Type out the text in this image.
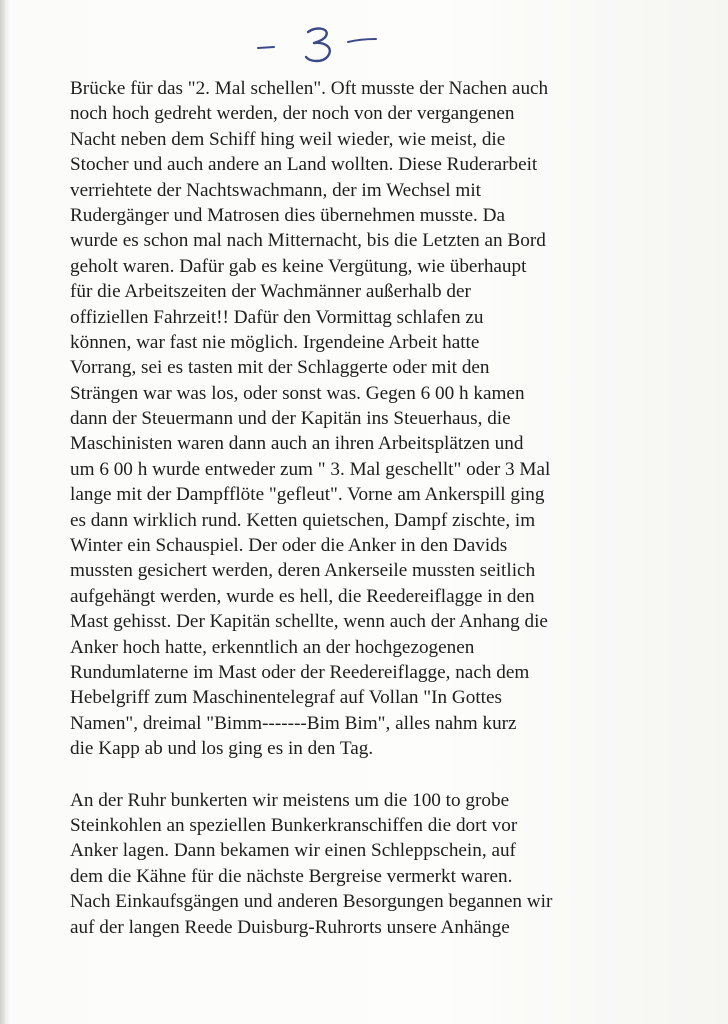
Brücke für das "2. Mal schellen". Oft musste der Nachen auch
noch hoch gedreht werden, der noch von der vergangenen
Nacht neben dem Schiff hing weil wieder, wie meist, die
Stocher und auch andere an Land wollten. Diese Ruderarbeit
verriehtete der Nachtswachmann, der im Wechsel mit
Rudergänger und Matrosen dies übernehmen musste. Da
wurde es schon mal nach Mitternacht, bis die Letzten an Bord
geholt waren. Dafür gab es keine Vergütung, wie überhaupt
für die Arbeitszeiten der Wachmänner außerhalb der
offiziellen Fahrzeit!! Dafür den Vormittag schlafen zu
können, war fast nie möglich. Irgendeine Arbeit hatte
Vorrang, sei es tasten mit der Schlaggerte oder mit den
Strängen war was los, oder sonst was. Gegen 6 00 h kamen
dann der Steuermann und der Kapitän ins Steuerhaus, die
Maschinisten waren dann auch an ihren Arbeitsplätzen und
um 6 00 h wurde entweder zum " 3. Mal geschellt" oder 3 Mal
lange mit der Dampfflöte "gefleut". Vorne am Ankerspill ging
es dann wirklich rund. Ketten quietschen, Dampf zischte, im
Winter ein Schauspiel. Der oder die Anker in den Davids
mussten gesichert werden, deren Ankerseile mussten seitlich
aufgehängt werden, wurde es hell, die Reedereiflagge in den
Mast gehisst. Der Kapitän schellte, wenn auch der Anhang die
Anker hoch hatte, erkenntlich an der hochgezogenen
Rundumlaterne im Mast oder der Reedereiflagge, nach dem
Hebelgriff zum Maschinentelegraf auf Vollan "In Gottes
Namen", dreimal "Bimm-------Bim Bim", alles nahm kurz
die Kapp ab und los ging es in den Tag.
An der Ruhr bunkerten wir meistens um die 100 to grobe
Steinkohlen an speziellen Bunkerkranschiffen die dort vor
Anker lagen. Dann bekamen wir einen Schleppschein, auf
dem die Kähne für die nächste Bergreise vermerkt waren.
Nach Einkaufsgängen und anderen Besorgungen begannen wir
auf der langen Reede Duisburg-Ruhrorts unsere Anhänge
